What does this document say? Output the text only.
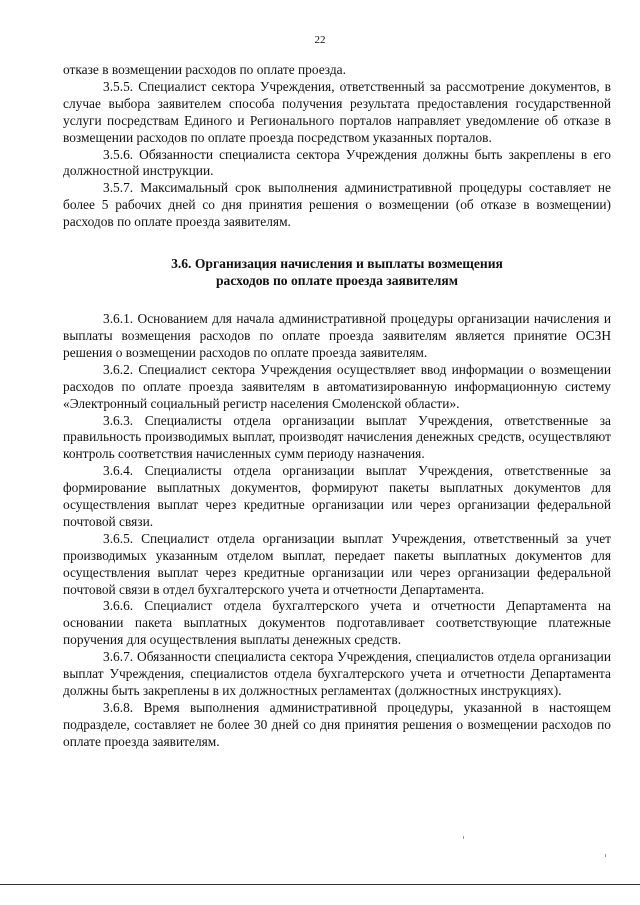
22

отказе в возмещении расходов по оплате проезда.

3.5.5. Специалист сектора Учреждения, ответственный за рассмотрение документов, в случае выбора заявителем способа получения результата предоставления государственной услуги посредствам Единого и Регионального порталов направляет уведомление об отказе в возмещении расходов по оплате проезда посредством указанных порталов.

3.5.6. Обязанности специалиста сектора Учреждения должны быть закреплены в его должностной инструкции.

3.5.7. Максимальный срок выполнения административной процедуры составляет не более 5 рабочих дней со дня принятия решения о возмещении (об отказе в возмещении) расходов по оплате проезда заявителям.

3.6. Организация начисления и выплаты возмещения
расходов по оплате проезда заявителям

3.6.1. Основанием для начала административной процедуры организации начисления и выплаты возмещения расходов по оплате проезда заявителям является принятие ОСЗН решения о возмещении расходов по оплате проезда заявителям.

3.6.2. Специалист сектора Учреждения осуществляет ввод информации о возмещении расходов по оплате проезда заявителям в автоматизированную информационную систему «Электронный социальный регистр населения Смоленской области».

3.6.3. Специалисты отдела организации выплат Учреждения, ответственные за правильность производимых выплат, производят начисления денежных средств, осуществляют контроль соответствия начисленных сумм периоду назначения.

3.6.4. Специалисты отдела организации выплат Учреждения, ответственные за формирование выплатных документов, формируют пакеты выплатных документов для осуществления выплат через кредитные организации или через организации федеральной почтовой связи.

3.6.5. Специалист отдела организации выплат Учреждения, ответственный за учет производимых указанным отделом выплат, передает пакеты выплатных документов для осуществления выплат через кредитные организации или через организации федеральной почтовой связи в отдел бухгалтерского учета и отчетности Департамента.

3.6.6. Специалист отдела бухгалтерского учета и отчетности Департамента на основании пакета выплатных документов подготавливает соответствующие платежные поручения для осуществления выплаты денежных средств.

3.6.7. Обязанности специалиста сектора Учреждения, специалистов отдела организации выплат Учреждения, специалистов отдела бухгалтерского учета и отчетности Департамента должны быть закреплены в их должностных регламентах (должностных инструкциях).

3.6.8. Время выполнения административной процедуры, указанной в настоящем подразделе, составляет не более 30 дней со дня принятия решения о возмещении расходов по оплате проезда заявителям.
